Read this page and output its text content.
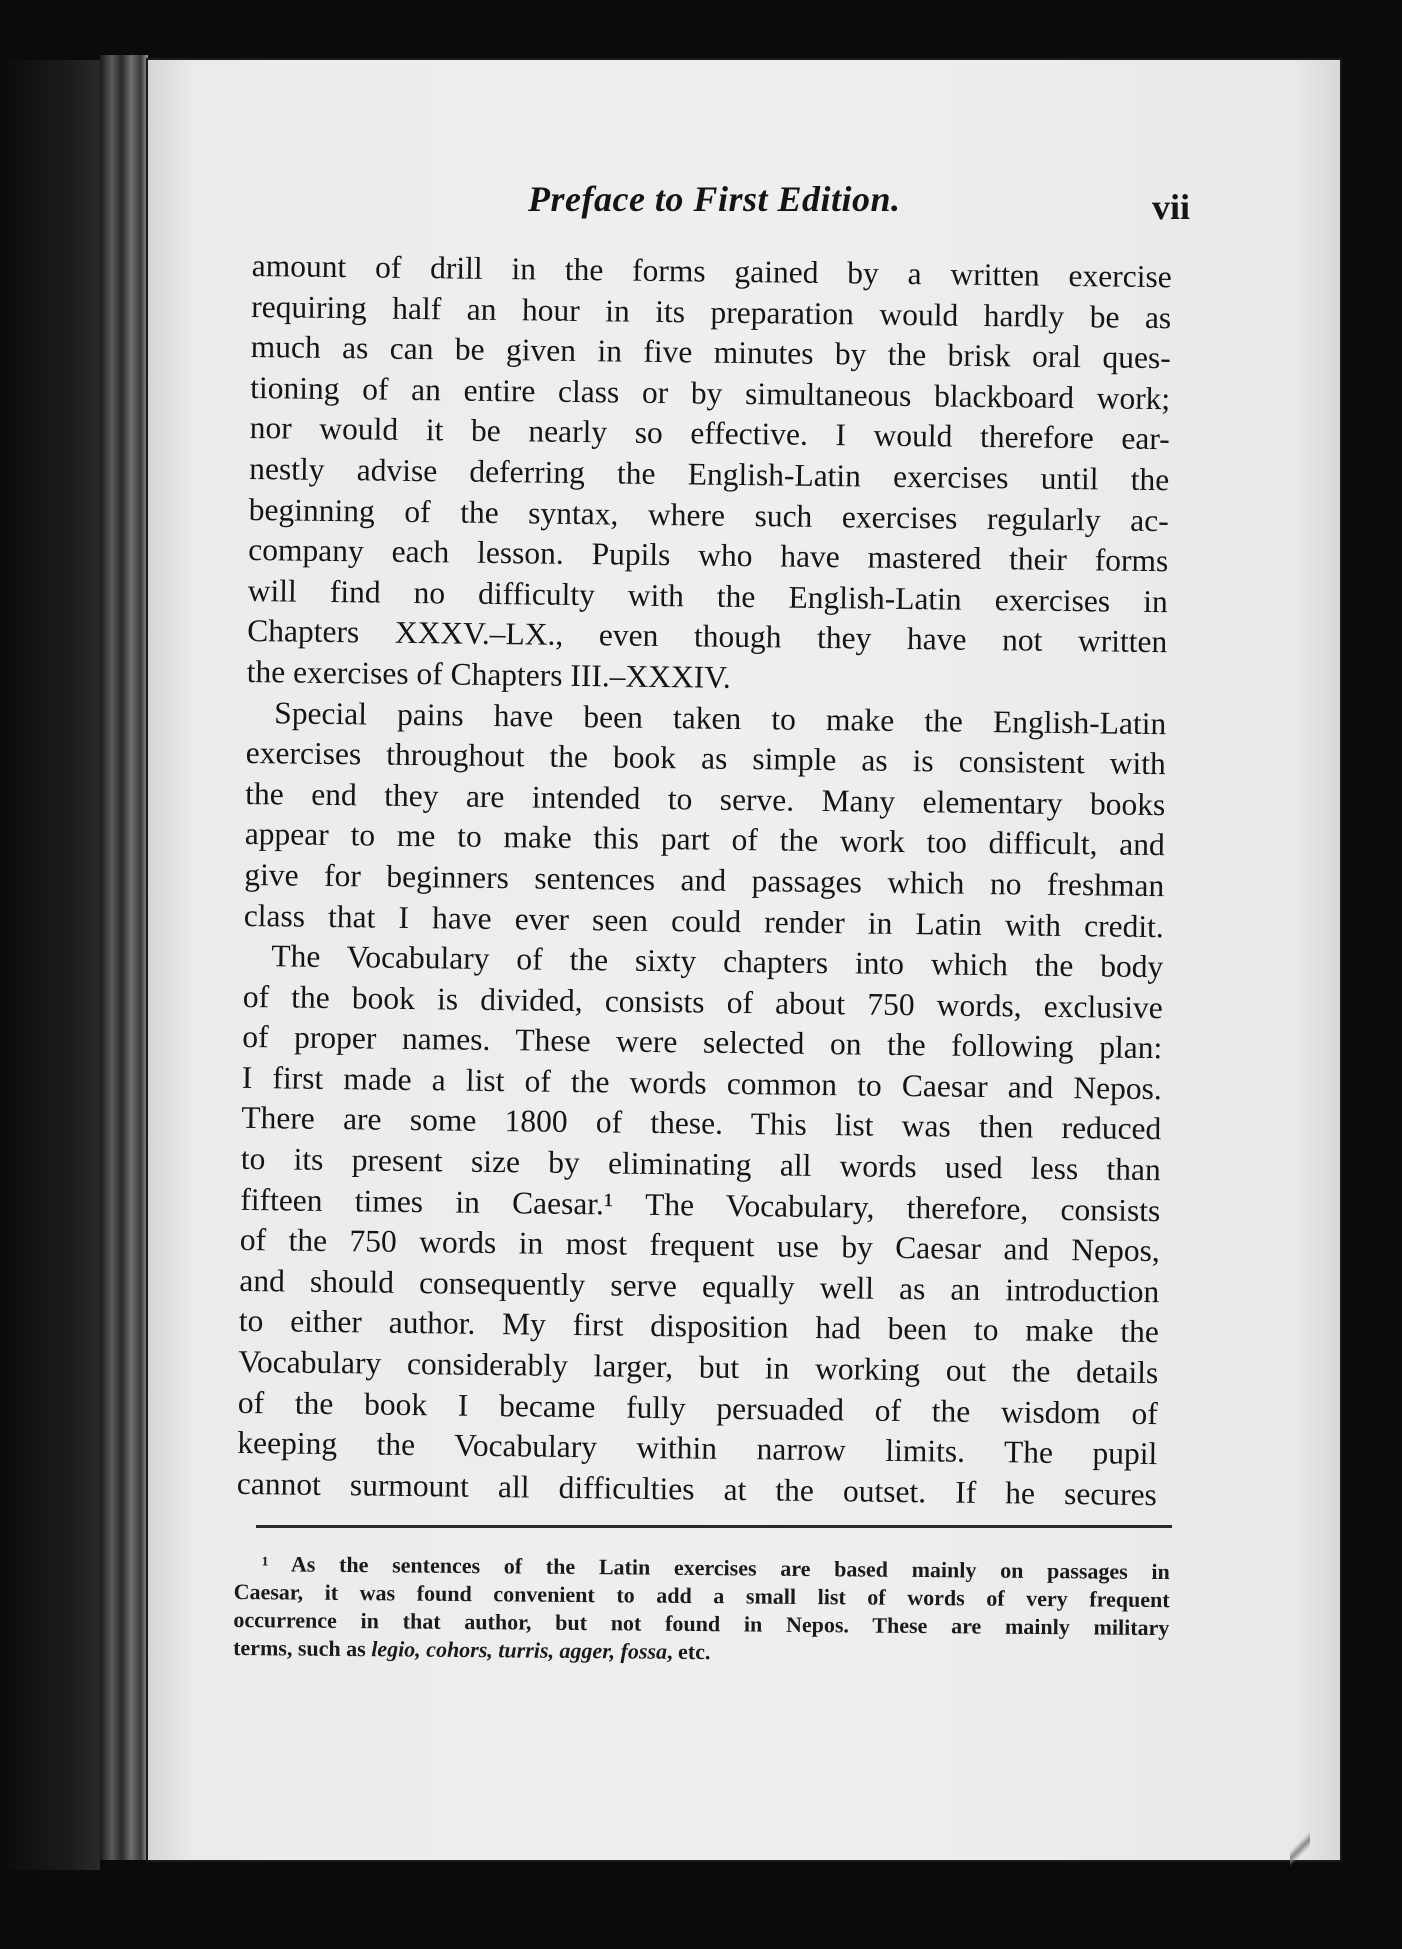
Preface to First Edition.	vii
amount of drill in the forms gained by a written exercise
requiring half an hour in its preparation would hardly be as
much as can be given in five minutes by the brisk oral ques-
tioning of an entire class or by simultaneous blackboard work;
nor would it be nearly so effective. I would therefore ear-
nestly advise deferring the English-Latin exercises until the
beginning of the syntax, where such exercises regularly ac-
company each lesson. Pupils who have mastered their forms
will find no difficulty with the English-Latin exercises in
Chapters XXXV.–LX., even though they have not written
the exercises of Chapters III.–XXXIV.
Special pains have been taken to make the English-Latin
exercises throughout the book as simple as is consistent with
the end they are intended to serve. Many elementary books
appear to me to make this part of the work too difficult, and
give for beginners sentences and passages which no freshman
class that I have ever seen could render in Latin with credit.
The Vocabulary of the sixty chapters into which the body
of the book is divided, consists of about 750 words, exclusive
of proper names. These were selected on the following plan:
I first made a list of the words common to Caesar and Nepos.
There are some 1800 of these. This list was then reduced
to its present size by eliminating all words used less than
fifteen times in Caesar.¹ The Vocabulary, therefore, consists
of the 750 words in most frequent use by Caesar and Nepos,
and should consequently serve equally well as an introduction
to either author. My first disposition had been to make the
Vocabulary considerably larger, but in working out the details
of the book I became fully persuaded of the wisdom of
keeping the Vocabulary within narrow limits. The pupil
cannot surmount all difficulties at the outset. If he secures
¹ As the sentences of the Latin exercises are based mainly on passages in
Caesar, it was found convenient to add a small list of words of very frequent
occurrence in that author, but not found in Nepos. These are mainly military
terms, such as legio, cohors, turris, agger, fossa, etc.
